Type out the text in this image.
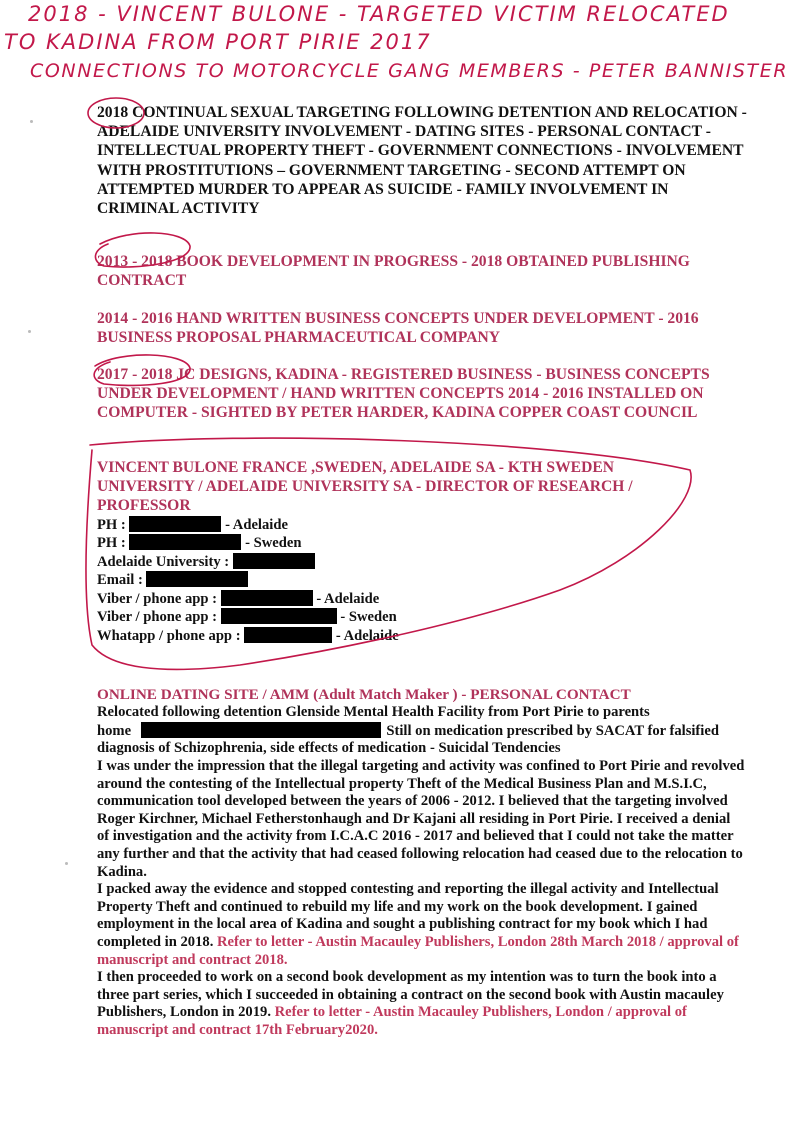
2018 - VINCENT BULONE - TARGETED VICTIM RELOCATED
TO KADINA FROM PORT PIRIE 2017
CONNECTIONS TO MOTORCYCLE GANG MEMBERS - PETER BANNISTER

2018 CONTINUAL SEXUAL TARGETING FOLLOWING DETENTION AND RELOCATION - ADELAIDE UNIVERSITY INVOLVEMENT - DATING SITES - PERSONAL CONTACT - INTELLECTUAL PROPERTY THEFT - GOVERNMENT CONNECTIONS - INVOLVEMENT WITH PROSTITUTIONS – GOVERNMENT TARGETING - SECOND ATTEMPT ON ATTEMPTED MURDER TO APPEAR AS SUICIDE - FAMILY INVOLVEMENT IN CRIMINAL ACTIVITY

2013 - 2018 BOOK DEVELOPMENT IN PROGRESS - 2018 OBTAINED PUBLISHING CONTRACT

2014 - 2016 HAND WRITTEN BUSINESS CONCEPTS UNDER DEVELOPMENT - 2016 BUSINESS PROPOSAL PHARMACEUTICAL COMPANY

2017 - 2018 JC DESIGNS, KADINA - REGISTERED BUSINESS - BUSINESS CONCEPTS UNDER DEVELOPMENT / HAND WRITTEN CONCEPTS 2014 - 2016 INSTALLED ON COMPUTER - SIGHTED BY PETER HARDER, KADINA COPPER COAST COUNCIL

VINCENT BULONE FRANCE ,SWEDEN, ADELAIDE SA - KTH SWEDEN UNIVERSITY / ADELAIDE UNIVERSITY SA - DIRECTOR OF RESEARCH / PROFESSOR

PH :	- Adelaide
PH :	- Sweden
Adelaide University :
Email :
Viber / phone app :	- Adelaide
Viber / phone app :	- Sweden
Whatapp / phone app :	- Adelaide
ONLINE DATING SITE / AMM (Adult Match Maker ) - PERSONAL CONTACT
Relocated following detention Glenside Mental Health Facility from Port Pirie to parents
home	Still on medication prescribed by SACAT for falsified
diagnosis of Schizophrenia, side effects of medication - Suicidal Tendencies
I was under the impression that the illegal targeting and activity was confined to Port Pirie and revolved around the contesting of the Intellectual property Theft of the Medical Business Plan and M.S.I.C, communication tool developed between the years of 2006 - 2012. I believed that the targeting involved Roger Kirchner, Michael Fetherstonhaugh and Dr Kajani all residing in Port Pirie. I received a denial of investigation and the activity from I.C.A.C 2016 - 2017 and believed that I could not take the matter any further and that the activity that had ceased following relocation had ceased due to the relocation to Kadina.
I packed away the evidence and stopped contesting and reporting the illegal activity and Intellectual Property Theft and continued to rebuild my life and my work on the book development. I gained employment in the local area of Kadina and sought a publishing contract for my book which I had completed in 2018. Refer to letter - Austin Macauley Publishers, London 28th March 2018 / approval of manuscript and contract 2018.
I then proceeded to work on a second book development as my intention was to turn the book into a three part series, which I succeeded in obtaining a contract on the second book with Austin macauley Publishers, London in 2019. Refer to letter - Austin Macauley Publishers, London / approval of manuscript and contract 17th February2020.
